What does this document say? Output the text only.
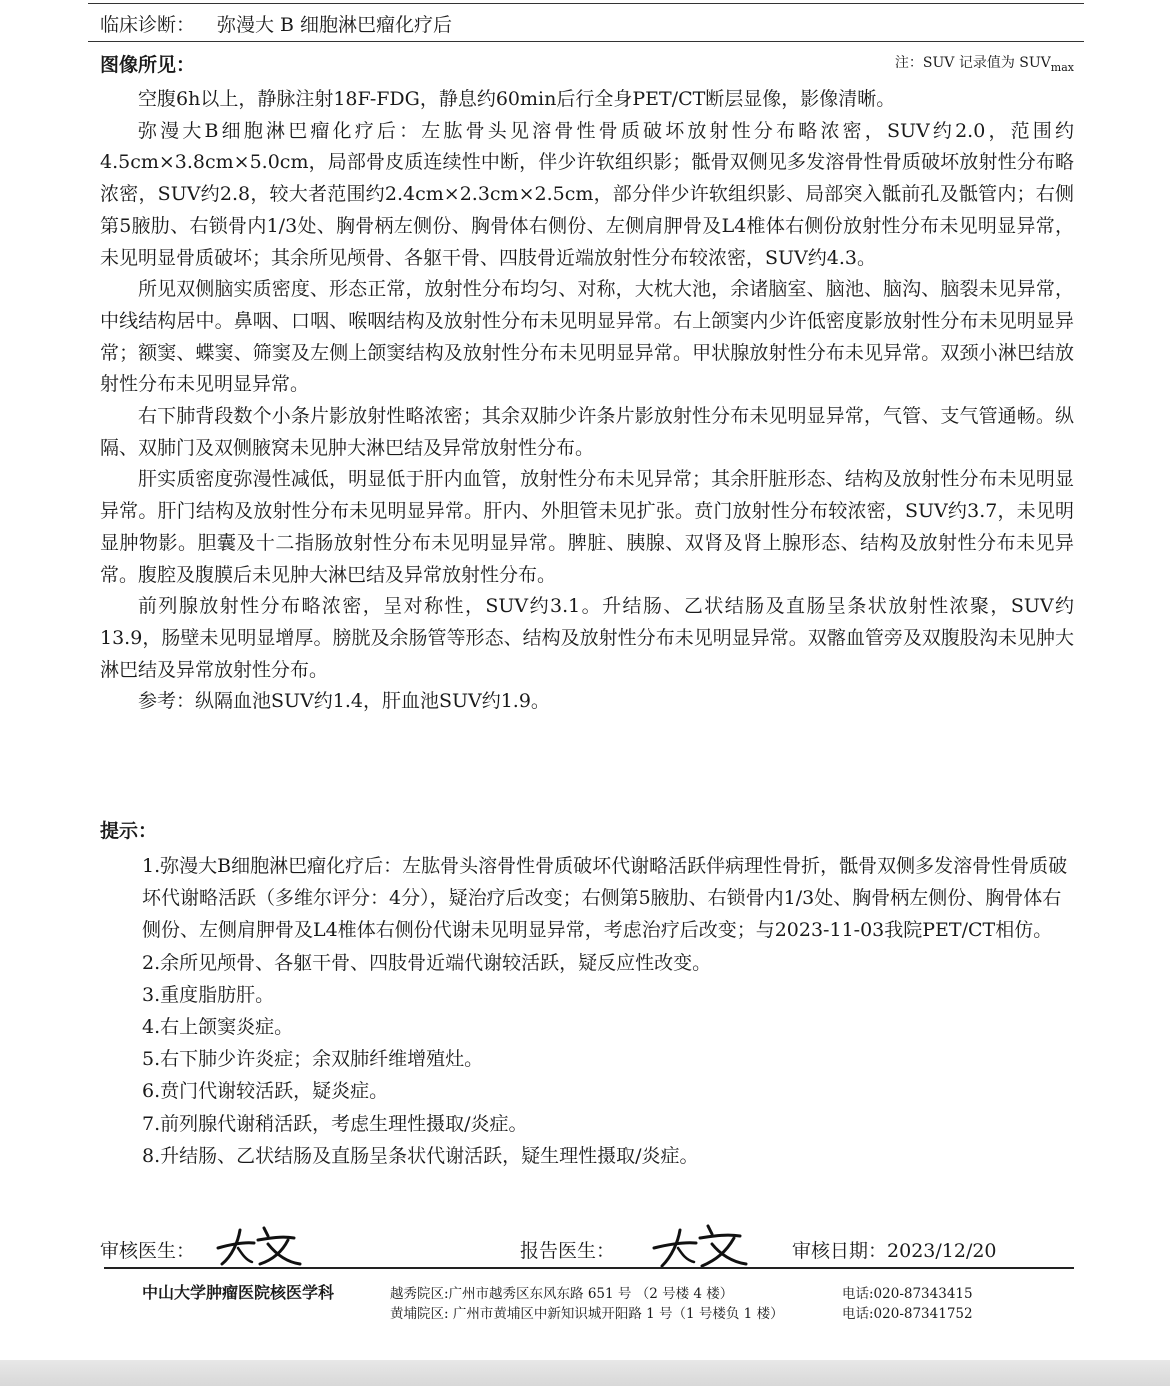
临床诊断： 弥漫大 B 细胞淋巴瘤化疗后
图像所见：	注：SUV 记录值为 $SUV_{max}$

空腹6h以上，静脉注射18F-FDG，静息约60min后行全身PET/CT断层显像，影像清晰。

弥漫大B细胞淋巴瘤化疗后：左肱骨头见溶骨性骨质破坏放射性分布略浓密，SUV约2.0，范围约4.5cm×3.8cm×5.0cm，局部骨皮质连续性中断，伴少许软组织影；骶骨双侧见多发溶骨性骨质破坏放射性分布略浓密，SUV约2.8，较大者范围约2.4cm×2.3cm×2.5cm，部分伴少许软组织影、局部突入骶前孔及骶管内；右侧第5腋肋、右锁骨内1/3处、胸骨柄左侧份、胸骨体右侧份、左侧肩胛骨及L4椎体右侧份放射性分布未见明显异常，未见明显骨质破坏；其余所见颅骨、各躯干骨、四肢骨近端放射性分布较浓密，SUV约4.3。

所见双侧脑实质密度、形态正常，放射性分布均匀、对称，大枕大池，余诸脑室、脑池、脑沟、脑裂未见异常，中线结构居中。鼻咽、口咽、喉咽结构及放射性分布未见明显异常。右上颌窦内少许低密度影放射性分布未见明显异常；额窦、蝶窦、筛窦及左侧上颌窦结构及放射性分布未见明显异常。甲状腺放射性分布未见异常。双颈小淋巴结放射性分布未见明显异常。

右下肺背段数个小条片影放射性略浓密；其余双肺少许条片影放射性分布未见明显异常，气管、支气管通畅。纵隔、双肺门及双侧腋窝未见肿大淋巴结及异常放射性分布。

肝实质密度弥漫性减低，明显低于肝内血管，放射性分布未见异常；其余肝脏形态、结构及放射性分布未见明显异常。肝门结构及放射性分布未见明显异常。肝内、外胆管未见扩张。贲门放射性分布较浓密，SUV约3.7，未见明显肿物影。胆囊及十二指肠放射性分布未见明显异常。脾脏、胰腺、双肾及肾上腺形态、结构及放射性分布未见异常。腹腔及腹膜后未见肿大淋巴结及异常放射性分布。

前列腺放射性分布略浓密，呈对称性，SUV约3.1。升结肠、乙状结肠及直肠呈条状放射性浓聚，SUV约13.9，肠壁未见明显增厚。膀胱及余肠管等形态、结构及放射性分布未见明显异常。双髂血管旁及双腹股沟未见肿大淋巴结及异常放射性分布。

参考：纵隔血池SUV约1.4，肝血池SUV约1.9。

提示：

1.弥漫大B细胞淋巴瘤化疗后：左肱骨头溶骨性骨质破坏代谢略活跃伴病理性骨折，骶骨双侧多发溶骨性骨质破坏代谢略活跃（多维尔评分：4分），疑治疗后改变；右侧第5腋肋、右锁骨内1/3处、胸骨柄左侧份、胸骨体右侧份、左侧肩胛骨及L4椎体右侧份代谢未见明显异常，考虑治疗后改变；与2023-11-03我院PET/CT相仿。

2.余所见颅骨、各躯干骨、四肢骨近端代谢较活跃，疑反应性改变。

3.重度脂肪肝。

4.右上颌窦炎症。

5.右下肺少许炎症；余双肺纤维增殖灶。

6.贲门代谢较活跃，疑炎症。

7.前列腺代谢稍活跃，考虑生理性摄取/炎症。

8.升结肠、乙状结肠及直肠呈条状代谢活跃，疑生理性摄取/炎症。

审核医生：	报告医生：	审核日期：2023/12/20
中山大学肿瘤医院核医学科	越秀院区:广州市越秀区东风东路 651 号 （2 号楼 4 楼）	电话:020-87343415
黄埔院区: 广州市黄埔区中新知识城开阳路 1 号（1 号楼负 1 楼）	电话:020-87341752
